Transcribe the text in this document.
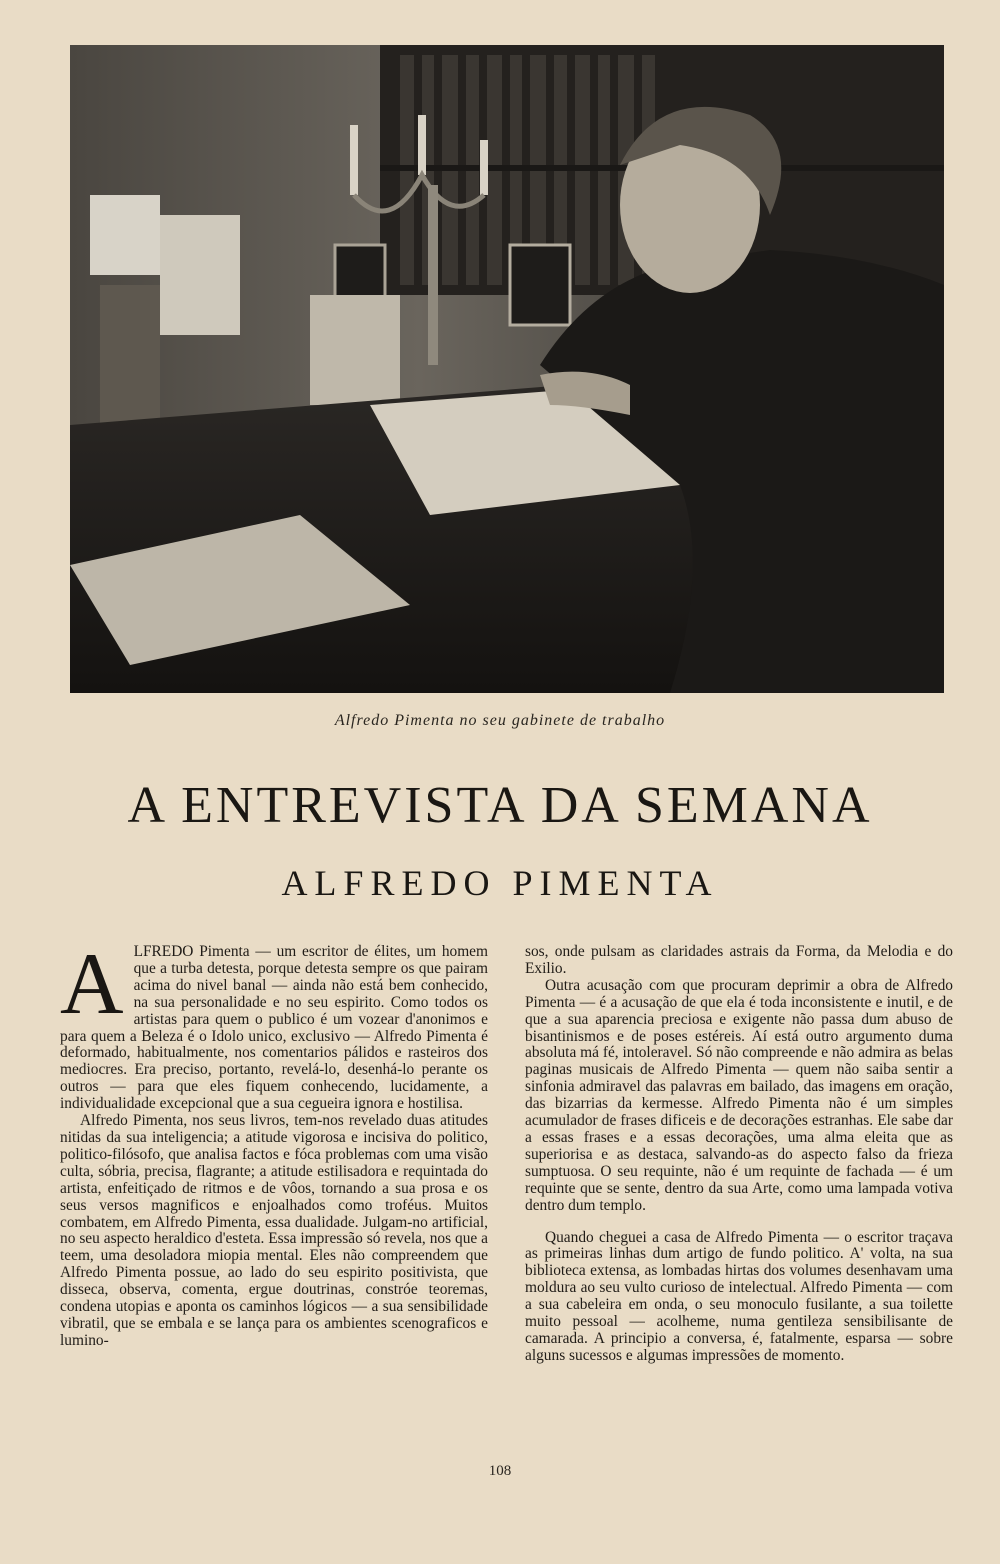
Alfredo Pimenta no seu gabinete de trabalho
A ENTREVISTA DA SEMANA
ALFREDO PIMENTA

ALFREDO Pimenta — um escritor de élites, um homem que a turba detesta, porque detesta sempre os que pairam acima do nivel banal — ainda não está bem conhecido, na sua personalidade e no seu espirito. Como todos os artistas para quem o publico é um vozear d'anonimos e para quem a Beleza é o Idolo unico, exclusivo — Alfredo Pimenta é deformado, habitualmente, nos comentarios pálidos e rasteiros dos mediocres. Era preciso, portanto, revelá-lo, desenhá-lo perante os outros — para que eles fiquem conhecendo, lucidamente, a individualidade excepcional que a sua cegueira ignora e hostilisa.

Alfredo Pimenta, nos seus livros, tem-nos revelado duas atitudes nitidas da sua inteligencia; a atitude vigorosa e incisiva do politico, politico-filósofo, que analisa factos e fóca problemas com uma visão culta, sóbria, precisa, flagrante; a atitude estilisadora e requintada do artista, enfeitiçado de ritmos e de vôos, tornando a sua prosa e os seus versos magnificos e enjoalhados como troféus. Muitos combatem, em Alfredo Pimenta, essa dualidade. Julgam-no artificial, no seu aspecto heraldico d'esteta. Essa impressão só revela, nos que a teem, uma desoladora miopia mental. Eles não compreendem que Alfredo Pimenta possue, ao lado do seu espirito positivista, que disseca, observa, comenta, ergue doutrinas, constróe teoremas, condena utopias e aponta os caminhos lógicos — a sua sensibilidade vibratil, que se embala e se lança para os ambientes scenograficos e lumino-

sos, onde pulsam as claridades astrais da Forma, da Melodia e do Exilio.

Outra acusação com que procuram deprimir a obra de Alfredo Pimenta — é a acusação de que ela é toda inconsistente e inutil, e de que a sua aparencia preciosa e exigente não passa dum abuso de bisantinismos e de poses estéreis. Aí está outro argumento duma absoluta má fé, intoleravel. Só não compreende e não admira as belas paginas musicais de Alfredo Pimenta — quem não saiba sentir a sinfonia admiravel das palavras em bailado, das imagens em oração, das bizarrias da kermesse. Alfredo Pimenta não é um simples acumulador de frases dificeis e de decorações estranhas. Ele sabe dar a essas frases e a essas decorações, uma alma eleita que as superiorisa e as destaca, salvando-as do aspecto falso da frieza sumptuosa. O seu requinte, não é um requinte de fachada — é um requinte que se sente, dentro da sua Arte, como uma lampada votiva dentro dum templo.

Quando cheguei a casa de Alfredo Pimenta — o escritor traçava as primeiras linhas dum artigo de fundo politico. A' volta, na sua biblioteca extensa, as lombadas hirtas dos volumes desenhavam uma moldura ao seu vulto curioso de intelectual. Alfredo Pimenta — com a sua cabeleira em onda, o seu monoculo fusilante, a sua toilette muito pessoal — acolheme, numa gentileza sensibilisante de camarada. A principio a conversa, é, fatalmente, esparsa — sobre alguns sucessos e algumas impressões de momento.

108
